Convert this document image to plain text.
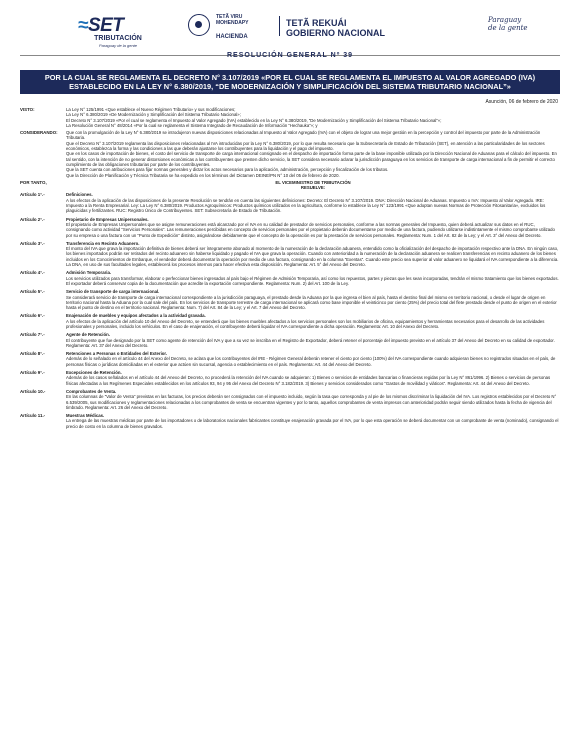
≈SET
TRIBUTACIÓN
Paraguay de la gente
TETÃ VIRU MOHENDAPY
HACIENDA
TETÃ REKUÁI
GOBIERNO NACIONAL
Paraguay
de la gente
RESOLUCIÓN GENERAL Nº 39
POR LA CUAL SE REGLAMENTA EL DECRETO N° 3.107/2019 «POR EL CUAL SE REGLAMENTA EL IMPUESTO AL VALOR AGREGADO (IVA) ESTABLECIDO EN LA LEY N° 6.380/2019, “DE MODERNIZACIÓN Y SIMPLIFICACIÓN DEL SISTEMA TRIBUTARIO NACIONAL”»
Asunción, 06 de febrero de 2020
VISTO:	La Ley N° 125/1991 «Que establece el Nuevo Régimen Tributario» y sus modificaciones;

La Ley N° 6.380/2019 «De Modernización y Simplificación del Sistema Tributario Nacional»;

El Decreto N° 3.107/2019 «Por el cual se reglamenta el Impuesto al Valor Agregado (IVA) establecido en la Ley N° 6.380/2019, “De Modernización y Simplificación del Sistema Tributario Nacional”»;

La Resolución General N° 48/2014 «Por la cual se reglamenta el Sistema Integrado de Recaudación de Información “Hechauka”»; y

CONSIDERANDO:	Que con la promulgación de la Ley N° 6.380/2019 se introdujeron nuevas disposiciones relacionadas al Impuesto al Valor Agregado (IVA) con el objeto de lograr una mejor gestión en la percepción y control del impuesto por parte de la Administración Tributaria.

Que el Decreto N° 3.107/2019 reglamenta las disposiciones relacionadas al IVA introducidas por la Ley N° 6.380/2019, por lo que resulta necesario que la Subsecretaría de Estado de Tributación (SET), en atención a las particularidades de los sectores económicos, establezca la forma y las condiciones a las que deberán ajustarse los contribuyentes para la liquidación y el pago del impuesto.

Que en los casos de importación de bienes, el costo del servicio de transporte de carga internacional consignado en el despacho de importación forma parte de la base imponible utilizada por la Dirección Nacional de Aduanas para el cálculo del impuesto. En tal sentido, con la intención de no generar distorsiones económicas a los contribuyentes que presten dicho servicio, la SET considera necesario aclarar la jurisdicción paraguaya en los servicios de transporte de carga internacional a fin de permitir el correcto cumplimiento de las obligaciones tributarias por parte de los contribuyentes.

Que la SET cuenta con atribuciones para fijar normas generales y dictar los actos necesarios para la aplicación, administración, percepción y fiscalización de los tributos.

Que la Dirección de Planificación y Técnica Tributaria se ha expedido en los términos del Dictamen DEINE/PN N° 10 del 05 de febrero de 2020.

POR TANTO,	EL VICEMINISTRO DE TRIBUTACIÓN

RESUELVE:

Artículo 1°.-	Definiciones.

A los efectos de la aplicación de las disposiciones de la presente Resolución se tendrán en cuenta las siguientes definiciones: Decreto: El Decreto N° 3.107/2019. DNA: Dirección Nacional de Aduanas. Impuesto o IVA: Impuesto al Valor Agregado. IRE: Impuesto a la Renta Empresarial. Ley: La Ley N° 6.380/2019. Productos Agroquímicos: Productos químicos utilizados en la agricultura, conforme lo establece la Ley N° 123/1991 «Que adoptan nuevas Normas de Protección Fitosanitaria», excluidos los plaguicidas y fertilizantes. RUC: Registro Único de Contribuyentes. SET: Subsecretaría de Estado de Tributación.

Artículo 2°.-	Propietario de Empresas Unipersonales.

El propietario de Empresas Unipersonales que se asigne remuneraciones está alcanzado por el IVA en su calidad de prestador de servicios personales, conforme a las normas generales del Impuesto, quien deberá actualizar sus datos en el RUC, consignando como actividad “Servicios Personales”. Las remuneraciones percibidas en concepto de servicios personales por el propietario deberán documentarse por medio de una factura, pudiendo utilizarse indistintamente el mismo comprobante utilizado por su empresa o una factura con un “Punto de Expedición” distinto, asignándose debidamente que el concepto de la operación es por la prestación de servicios personales. Reglamenta: Num. 1 del Art. 82 de la Ley; y el Art. 3° del Anexo del Decreto.

Artículo 3°.-	Transferencia en Recinto Aduanero.

El monto del IVA que grava la importación definitiva de bienes deberá ser íntegramente abonado al momento de la numeración de la declaración aduanera, entendido como la oficialización del despacho de importación respectivo ante la DNA. En ningún caso, los bienes importados podrán ser retirados del recinto aduanero sin haberse liquidado y pagado el IVA que grava la operación. Cuando con anterioridad a la numeración de la declaración aduanera se realicen transferencias en recinto aduanero de los bienes incluidos en los Conocimientos de Embarque, el vendedor deberá documentar la operación por medio de una factura, consignando en la columna “Exentas”. Cuando este precio sea superior al valor aduanero se liquidará el IVA correspondiente a la diferencia. La DNA, en uso de sus facultades legales, establecerá los procesos internos para hacer efectiva esta disposición. Reglamenta: Art. 5° del Anexo del Decreto.

Artículo 4°.-	Admisión Temporaria.

Los servicios utilizados para transformar, elaborar o perfeccionar bienes ingresados al país bajo el Régimen de Admisión Temporaria, así como los repuestos, partes y piezas que les sean incorporadas, tendrán el mismo tratamiento que los bienes exportados. El exportador deberá conservar copia de la documentación que acredite la exportación correspondiente. Reglamenta: Num. 2) del Art. 100 de la Ley.

Artículo 5°.-	Servicio de transporte de carga internacional.

Se considerará servicio de transporte de carga internacional correspondiente a la jurisdicción paraguaya, el prestado desde la Aduana por la que ingresa el bien al país, hasta el destino final del mismo en territorio nacional, o desde el lugar de origen en territorio nacional hasta la Aduana por la cual sale del país. En los servicios de transporte terrestre de carga internacional se aplicará como base imponible el veinticinco por ciento (25%) del precio total del flete prestado desde el punto de origen en el exterior hasta el punto de destino en el territorio nacional. Reglamenta: Num. 7) del Art. 84 de la Ley; y el Art. 7 del Anexo del Decreto.

Artículo 6°.-	Enajenación de muebles y equipos afectados a la actividad gravada.

A los efectos de la aplicación del artículo 10 del Anexo del Decreto, se entenderá que los bienes muebles afectados a los servicios personales son los mobiliarios de oficina, equipamientos y herramientas necesarios para el desarrollo de las actividades profesionales y personales, incluido los vehículos. En el caso de enajenación, el contribuyente deberá liquidar el IVA correspondiente a dicha operación. Reglamenta: Art. 10 del Anexo del Decreto.

Artículo 7°.-	Agente de Retención.

El contribuyente que fue designado por la SET como agente de retención del IVA y que a su vez se inscriba en el Registro de Exportador, deberá retener el porcentaje del impuesto previsto en el artículo 37 del Anexo del Decreto en su calidad de exportador. Reglamenta: Art. 37 del Anexo del Decreto.

Artículo 8°.-	Retenciones a Personas o Entidades del Exterior.

Además de lo señalado en el artículo 44 del Anexo del Decreto, se aclara que los contribuyentes del IRE - Régimen General deberán retener el ciento por ciento (100%) del IVA correspondiente cuando adquieran bienes no registrados situados en el país, de personas físicas o jurídicas domiciliadas en el exterior que actúen sin sucursal, agencia o establecimiento en el país. Reglamenta: Art. 44 del Anexo del Decreto.

Artículo 9°.-	Excepciones de Retención.

Además de los casos señalados en el artículo 44 del Anexo del Decreto, no procederá la retención del IVA cuando se adquieran: 1) Bienes o servicios de entidades bancarias o financieras regidas por la Ley N° 861/1996. 2) Bienes o servicios de personas físicas afectadas a los Regímenes Especiales establecidos en los artículos 93, 94 y 95 del Anexo del Decreto N° 3.182/2019. 3) Bienes y servicios considerados como “Gastos de movilidad y viáticos”. Reglamenta: Art. 44 del Anexo del Decreto.

Artículo 10.-	Comprobantes de Venta.

En las columnas de “Valor de Venta” previstas en las facturas, los precios deberán ser consignados con el impuesto incluido, según la tasa que corresponda y al pie de los mismos discriminar la liquidación del IVA. Los registros establecidos por el Decreto N° 6.539/2005, sus modificaciones y reglamentaciones relacionadas a los comprobantes de venta se encuentran vigentes y por lo tanto, aquellos comprobantes de venta impresos con anterioridad podrán seguir siendo utilizados hasta la fecha de vigencia del timbrado. Reglamenta: Art. 26 del Anexo del Decreto.

Artículo 11.-	Muestras Médicas.

La entrega de las muestras médicas por parte de los importadores o de laboratorios nacionales fabricantes constituye enajenación gravada por el IVA, por lo que esta operación se deberá documentar con un comprobante de venta (nominado), consignando el precio de costo en la columna de bienes gravados.
